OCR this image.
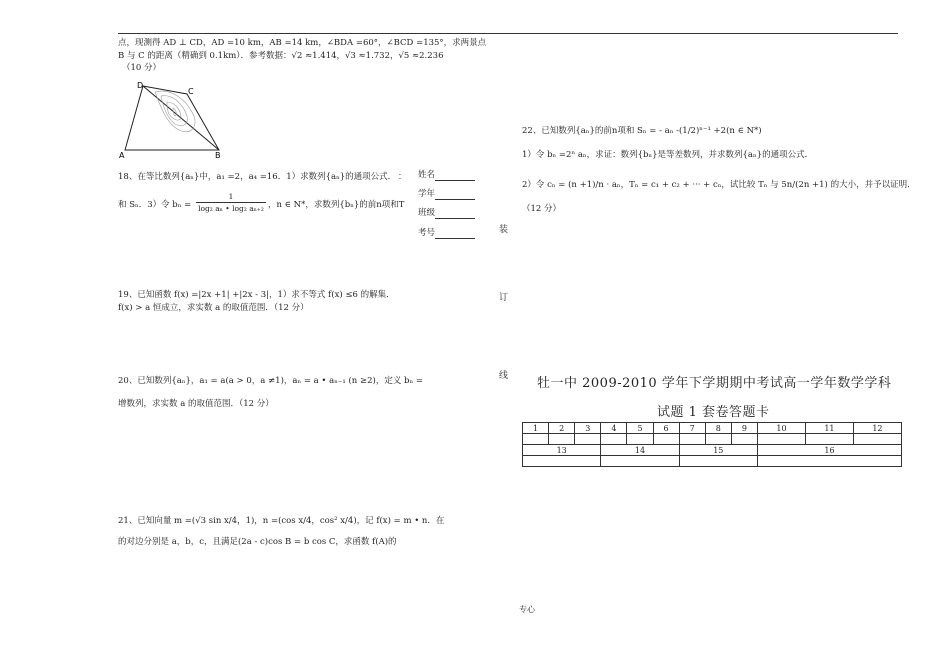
点，现测得 AD ⊥ CD，AD =10 km，AB =14 km，∠BDA =60°，∠BCD =135°，求两景点
B 与 C 的距离（精确到 0.1km）．参考数据：√2 ≈1.414，√3 ≈1.732，√5 ≈2.236
（10 分）
D
C
A	B
18、在等比数列{aₙ}中，a₁ =2，a₄ =16．1）求数列{aₙ}的通项公式． ：
和 Sₙ．3）令 $b_n = \frac{1}{\text{log₂ aₙ • log₂ aₙ₊₂}}$ ，n ∈ N*，求数列{bₙ}的前n项和T
姓名
学年
班级
考号
19、已知函数 f(x) =|2x +1| +|2x - 3|，1）求不等式 f(x) ≤6 的解集．
f(x) > a 恒成立，求实数 a 的取值范围．（12 分）
20、已知数列{aₙ}，a₁ = a(a > 0，a ≠1)，aₙ = a • aₙ₋₁ (n ≥2)，定义 bₙ =
增数列，求实数 a 的取值范围．（12 分）
21、已知向量 m =(√3 sin x/4，1)，n =(cos x/4，cos² x/4)，记 f(x) = m • n．在
的对边分别是 a，b，c，且满足(2a - c)cos B = b cos C，求函数 f(A)的
装
订
线
22、已知数列{aₙ}的前n项和 Sₙ = - aₙ -(1/2)ⁿ⁻¹ +2(n ∈ N*)
1）令 bₙ =2ⁿ aₙ，求证：数列{bₙ}是等差数列，并求数列{aₙ}的通项公式．
2）令 cₙ = (n +1)/n · aₙ，Tₙ = c₁ + c₂ + ··· + cₙ，试比较 Tₙ 与 5n/(2n +1) 的大小，并予以证明．
（12 分）
牡一中 2009-2010 学年下学期期中考试高一学年数学学科
试题 1 套卷答题卡
1	2	3	4	5	6	7	8	9	10	11	12

13			14			15			16		

专心
